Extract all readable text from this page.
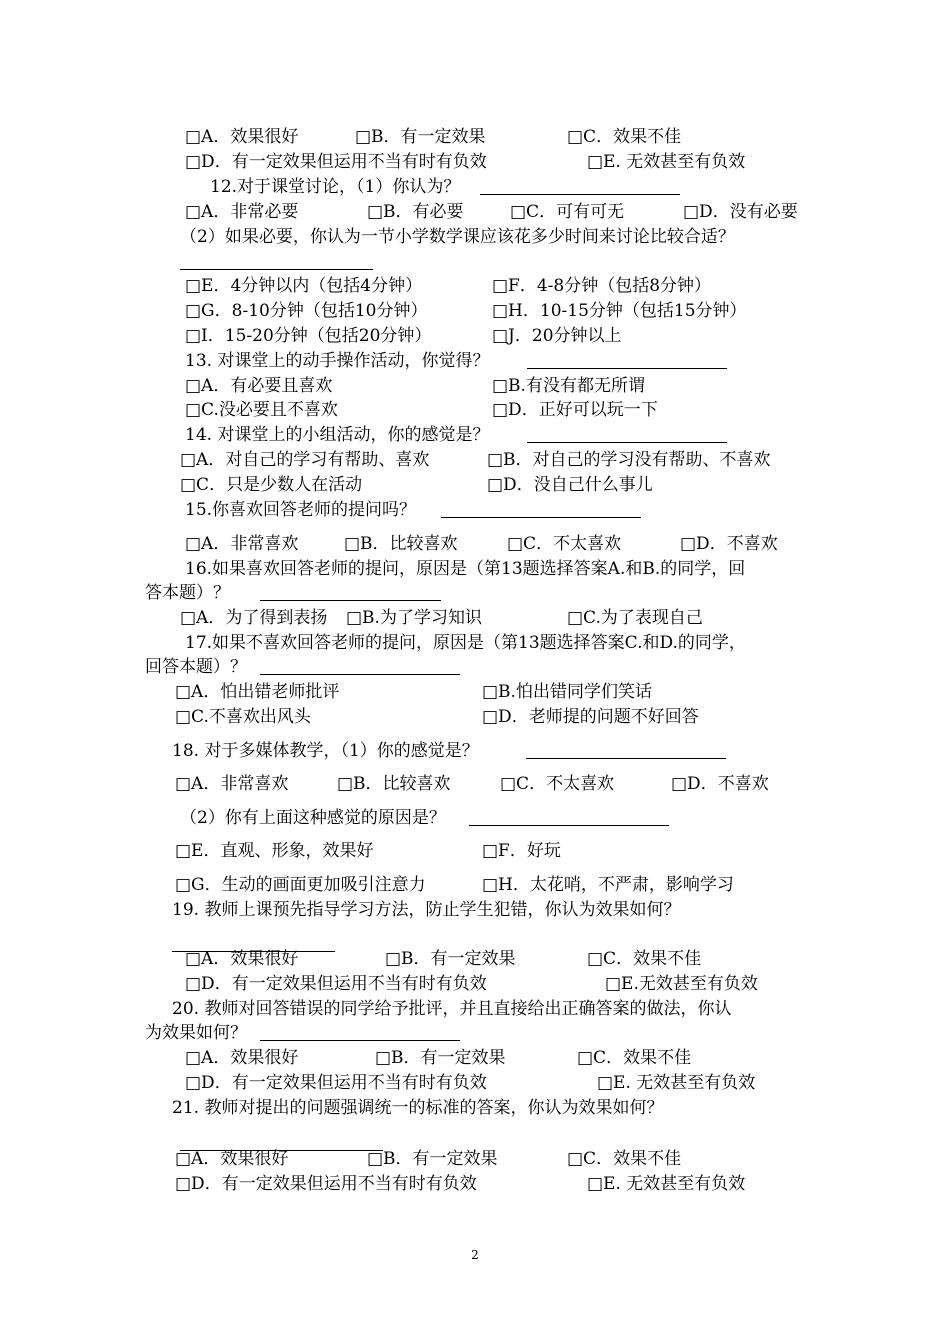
□A．效果很好	□B．有一定效果	□C．效果不佳
□D．有一定效果但运用不当有时有负效	□E. 无效甚至有负效
12.对于课堂讨论，（1）你认为？
□A．非常必要	□B．有必要	□C．可有可无	□D．没有必要
（2）如果必要，你认为一节小学数学课应该花多少时间来讨论比较合适？
□E．4分钟以内（包括4分钟）	□F．4-8分钟（包括8分钟）
□G．8-10分钟（包括10分钟）	□H．10-15分钟（包括15分钟）
□I．15-20分钟（包括20分钟）	□J．20分钟以上
13. 对课堂上的动手操作活动，你觉得？
□A．有必要且喜欢	□B.有没有都无所谓
□C.没必要且不喜欢	□D．正好可以玩一下
14. 对课堂上的小组活动，你的感觉是？
□A．对自己的学习有帮助、喜欢	□B．对自己的学习没有帮助、不喜欢
□C．只是少数人在活动	□D．没自己什么事儿
15.你喜欢回答老师的提问吗？
□A．非常喜欢	□B．比较喜欢	□C．不太喜欢	□D．不喜欢
16.如果喜欢回答老师的提问，原因是（第13题选择答案A.和B.的同学，回
答本题）？
□A．为了得到表扬 □B.为了学习知识	□C.为了表现自己
17.如果不喜欢回答老师的提问，原因是（第13题选择答案C.和D.的同学，
回答本题）？
□A．怕出错老师批评	□B.怕出错同学们笑话
□C.不喜欢出风头	□D．老师提的问题不好回答
18. 对于多媒体教学，（1）你的感觉是？
□A．非常喜欢	□B．比较喜欢	□C．不太喜欢	□D．不喜欢
（2）你有上面这种感觉的原因是？
□E．直观、形象，效果好	□F．好玩
□G．生动的画面更加吸引注意力	□H．太花哨，不严肃，影响学习
19. 教师上课预先指导学习方法，防止学生犯错，你认为效果如何？
□A．效果很好	□B．有一定效果	□C．效果不佳
□D．有一定效果但运用不当有时有负效	□E.无效甚至有负效
20. 教师对回答错误的同学给予批评，并且直接给出正确答案的做法，你认
为效果如何？
□A．效果很好	□B．有一定效果	□C．效果不佳
□D．有一定效果但运用不当有时有负效	□E. 无效甚至有负效
21. 教师对提出的问题强调统一的标准的答案，你认为效果如何？
□A．效果很好	□B．有一定效果	□C．效果不佳
□D．有一定效果但运用不当有时有负效	□E. 无效甚至有负效
2
